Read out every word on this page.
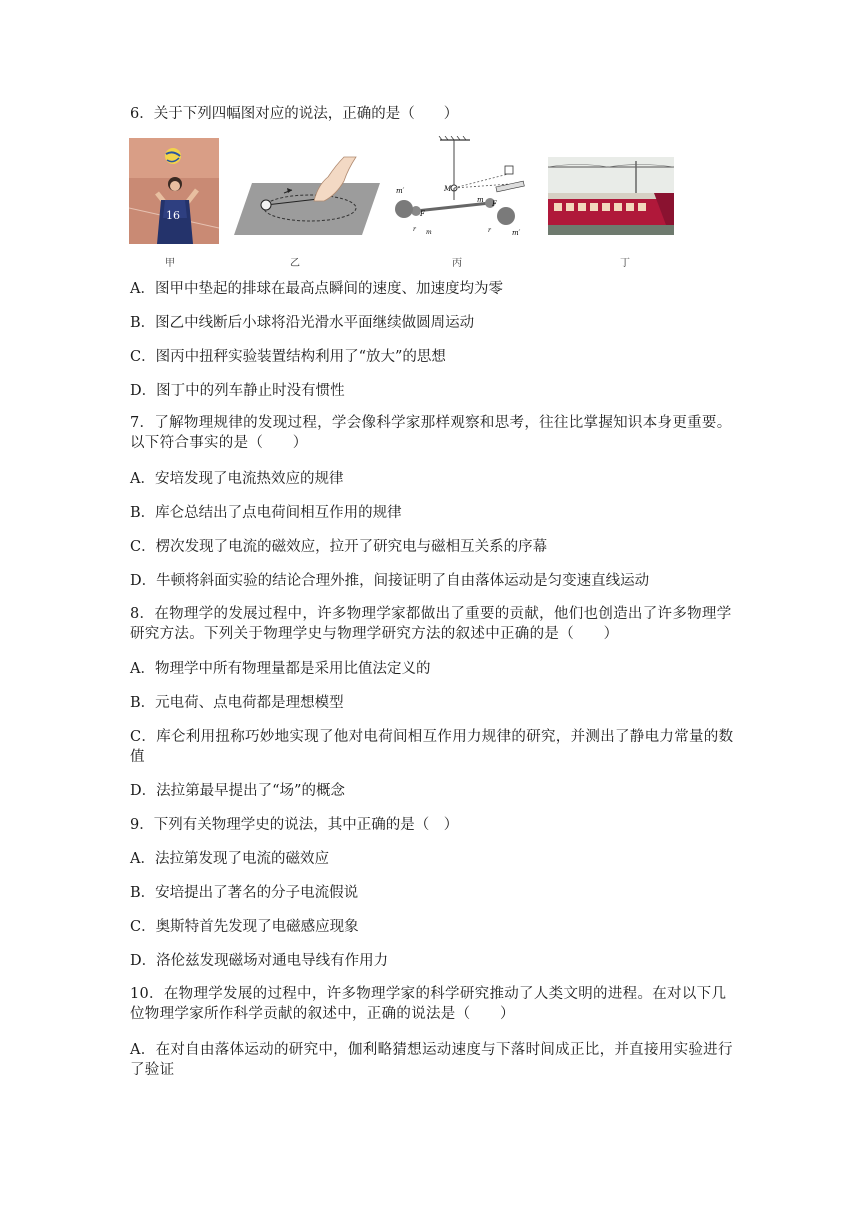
6．关于下列四幅图对应的说法，正确的是（　　）
16
甲	乙
m′	M
F
r m
m F
r	m′
丙	丁
A．图甲中垫起的排球在最高点瞬间的速度、加速度均为零
B．图乙中线断后小球将沿光滑水平面继续做圆周运动
C．图丙中扭秤实验装置结构利用了“放大”的思想
D．图丁中的列车静止时没有惯性
7．了解物理规律的发现过程，学会像科学家那样观察和思考，往往比掌握知识本身更重要。以下符合事实的是（　　）
A．安培发现了电流热效应的规律
B．库仑总结出了点电荷间相互作用的规律
C．楞次发现了电流的磁效应，拉开了研究电与磁相互关系的序幕
D．牛顿将斜面实验的结论合理外推，间接证明了自由落体运动是匀变速直线运动
8．在物理学的发展过程中，许多物理学家都做出了重要的贡献，他们也创造出了许多物理学研究方法。下列关于物理学史与物理学研究方法的叙述中正确的是（　　）
A．物理学中所有物理量都是采用比值法定义的
B．元电荷、点电荷都是理想模型
C．库仑利用扭称巧妙地实现了他对电荷间相互作用力规律的研究，并测出了静电力常量的数值
D．法拉第最早提出了“场”的概念
9．下列有关物理学史的说法，其中正确的是（　）
A．法拉第发现了电流的磁效应
B．安培提出了著名的分子电流假说
C．奥斯特首先发现了电磁感应现象
D．洛伦兹发现磁场对通电导线有作用力
10．在物理学发展的过程中，许多物理学家的科学研究推动了人类文明的进程。在对以下几位物理学家所作科学贡献的叙述中，正确的说法是（　　）
A．在对自由落体运动的研究中，伽利略猜想运动速度与下落时间成正比，并直接用实验进行了验证
